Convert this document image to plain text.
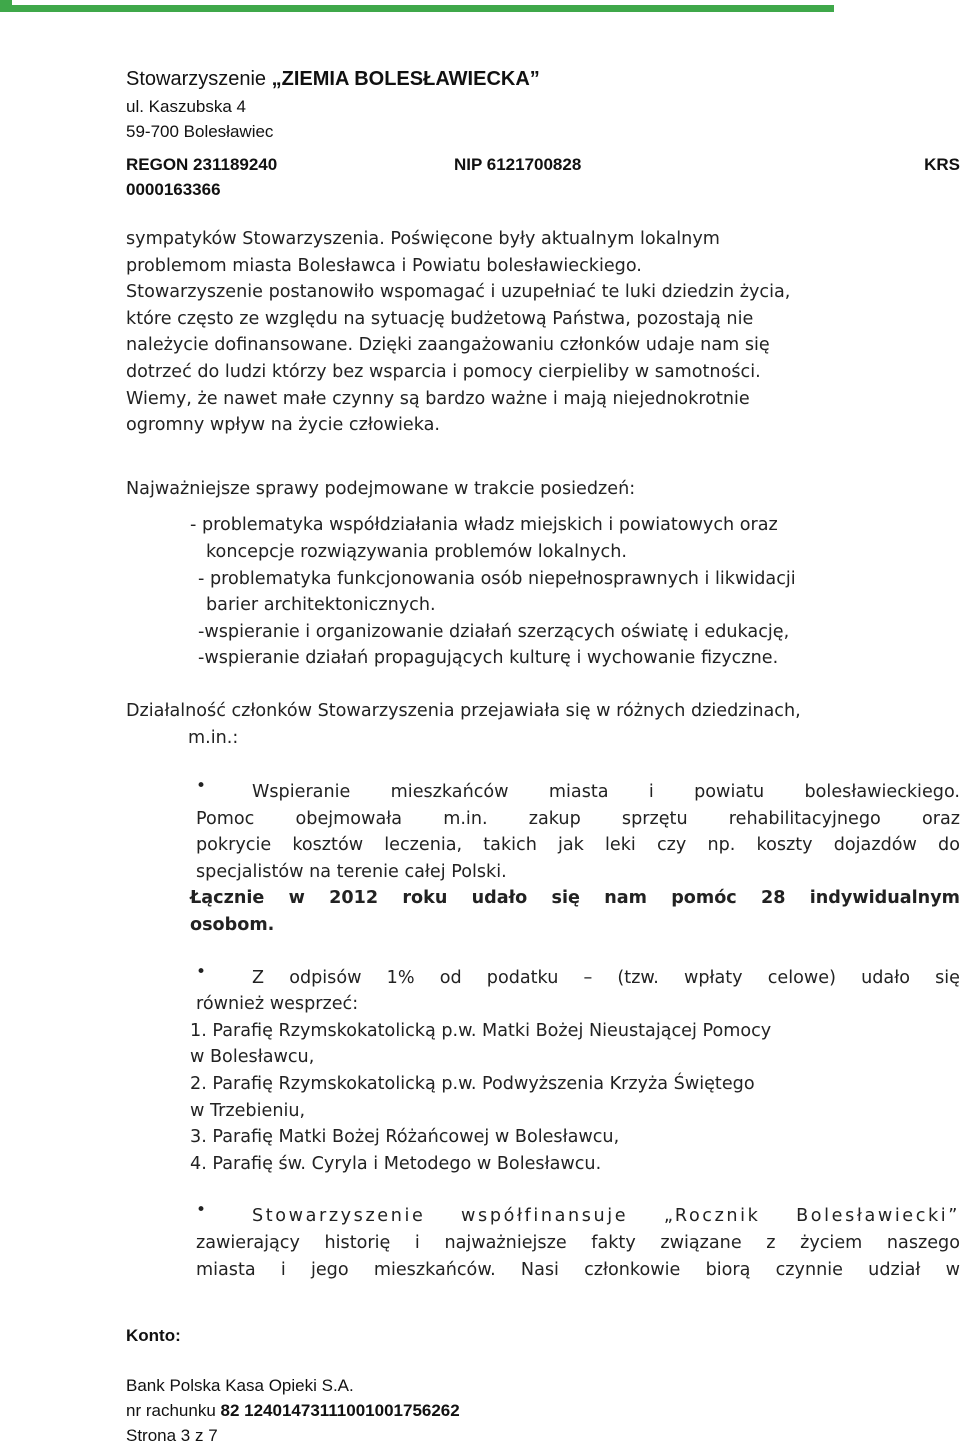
Stowarzyszenie „ZIEMIA BOLESŁAWIECKA”
ul. Kaszubska 4
59-700 Bolesławiec
REGON 231189240	NIP 6121700828	KRS
0000163366

sympatyków Stowarzyszenia. Poświęcone były aktualnym lokalnym

problemom miasta Bolesławca i Powiatu bolesławieckiego.

Stowarzyszenie postanowiło wspomagać i uzupełniać te luki dziedzin życia,

które często ze względu na sytuację budżetową Państwa, pozostają nie

należycie dofinansowane. Dzięki zaangażowaniu członków udaje nam się

dotrzeć do ludzi którzy bez wsparcia i pomocy cierpieliby w samotności.

Wiemy, że nawet małe czynny są bardzo ważne i mają niejednokrotnie

ogromny wpływ na życie człowieka.

Najważniejsze sprawy podejmowane w trakcie posiedzeń:

- problematyka współdziałania władz miejskich i powiatowych oraz

koncepcje rozwiązywania problemów lokalnych.

- problematyka funkcjonowania osób niepełnosprawnych i likwidacji

barier architektonicznych.

-wspieranie i organizowanie działań szerzących oświatę i edukację,

-wspieranie działań propagujących kulturę i wychowanie fizyczne.

Działalność członków Stowarzyszenia przejawiała się w różnych dziedzinach,

m.in.:

•	Wspieranie mieszkańców miasta i powiatu bolesławieckiego.

Pomoc obejmowała m.in. zakup sprzętu rehabilitacyjnego oraz

pokrycie kosztów leczenia, takich jak leki czy np. koszty dojazdów do

specjalistów na terenie całej Polski.

Łącznie w 2012 roku udało się nam pomóc 28 indywidualnym

osobom.

•	Z odpisów 1% od podatku – (tzw. wpłaty celowe) udało się

również wesprzeć:

1. Parafię Rzymskokatolicką p.w. Matki Bożej Nieustającej Pomocy

w Bolesławcu,

2. Parafię Rzymskokatolicką p.w. Podwyższenia Krzyża Świętego

w Trzebieniu,

3. Parafię Matki Bożej Różańcowej w Bolesławcu,

4. Parafię św. Cyryla i Metodego w Bolesławcu.

•	Stowarzyszenie współfinansuje „Rocznik Bolesławiecki”

zawierający historię i najważniejsze fakty związane z życiem naszego

miasta i jego mieszkańców. Nasi członkowie biorą czynnie udział w

Konto:
Bank Polska Kasa Opieki S.A.
nr rachunku 82 12401473111001001756262
Strona 3 z 7
